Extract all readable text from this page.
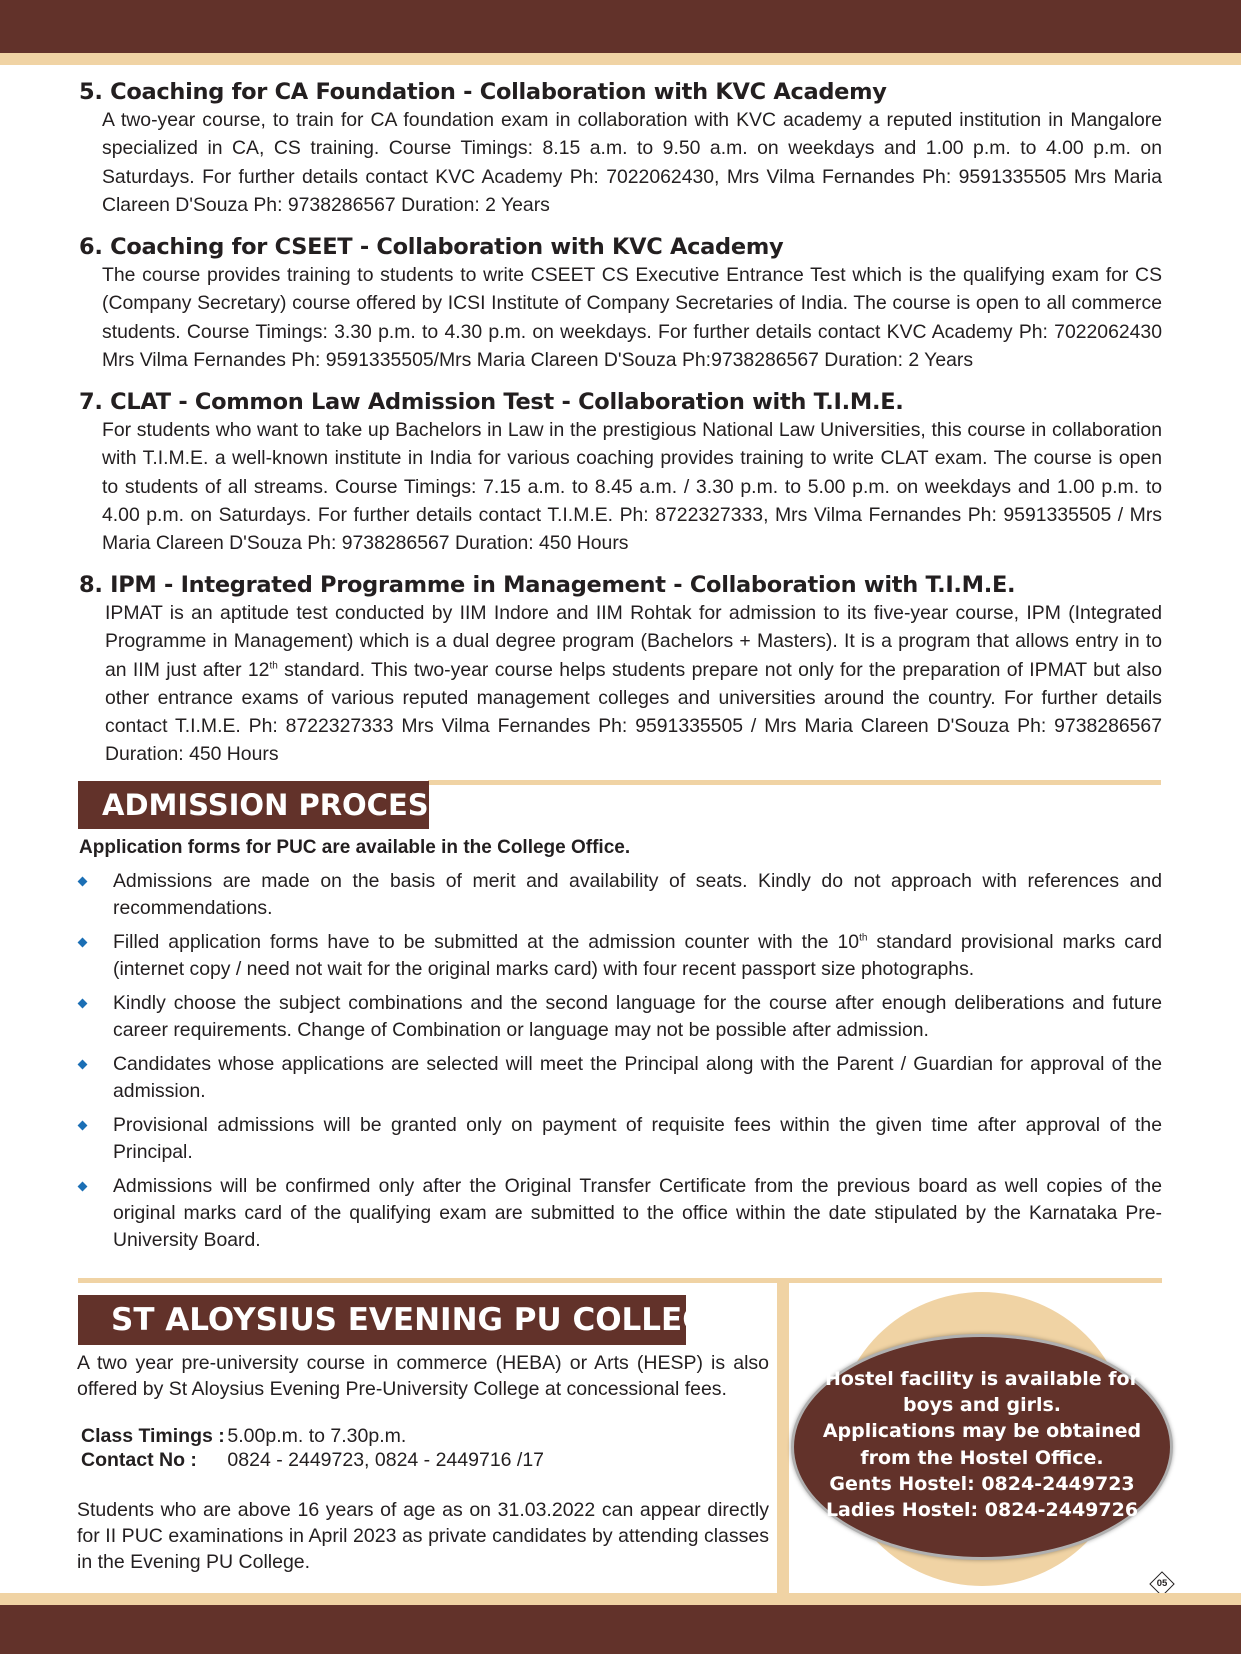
5. Coaching for CA Foundation - Collaboration with KVC Academy

A two-year course, to train for CA foundation exam in collaboration with KVC academy a reputed institution in Mangalore specialized in CA, CS training. Course Timings: 8.15 a.m. to 9.50 a.m. on weekdays and 1.00 p.m. to 4.00 p.m. on Saturdays. For further details contact KVC Academy Ph: 7022062430, Mrs Vilma Fernandes Ph: 9591335505 Mrs Maria Clareen D'Souza Ph: 9738286567 Duration: 2 Years

6. Coaching for CSEET - Collaboration with KVC Academy

The course provides training to students to write CSEET CS Executive Entrance Test which is the qualifying exam for CS (Company Secretary) course offered by ICSI Institute of Company Secretaries of India. The course is open to all commerce students. Course Timings: 3.30 p.m. to 4.30 p.m. on weekdays. For further details contact KVC Academy Ph: 7022062430 Mrs Vilma Fernandes Ph: 9591335505/Mrs Maria Clareen D'Souza Ph:9738286567 Duration: 2 Years

7. CLAT - Common Law Admission Test - Collaboration with T.I.M.E.

For students who want to take up Bachelors in Law in the prestigious National Law Universities, this course in collaboration with T.I.M.E. a well-known institute in India for various coaching provides training to write CLAT exam. The course is open to students of all streams. Course Timings: 7.15 a.m. to 8.45 a.m. / 3.30 p.m. to 5.00 p.m. on weekdays and 1.00 p.m. to 4.00 p.m. on Saturdays. For further details contact T.I.M.E. Ph: 8722327333, Mrs Vilma Fernandes Ph: 9591335505 / Mrs Maria Clareen D'Souza Ph: 9738286567 Duration: 450 Hours

8. IPM - Integrated Programme in Management - Collaboration with T.I.M.E.

IPMAT is an aptitude test conducted by IIM Indore and IIM Rohtak for admission to its five-year course, IPM (Integrated Programme in Management) which is a dual degree program (Bachelors + Masters). It is a program that allows entry in to an IIM just after 12th standard. This two-year course helps students prepare not only for the preparation of IPMAT but also other entrance exams of various reputed management colleges and universities around the country. For further details contact T.I.M.E. Ph: 8722327333 Mrs Vilma Fernandes Ph: 9591335505 / Mrs Maria Clareen D'Souza Ph: 9738286567 Duration: 450 Hours

ADMISSION PROCESS
Application forms for PUC are available in the College Office.
Admissions are made on the basis of merit and availability of seats. Kindly do not approach with references and recommendations.
Filled application forms have to be submitted at the admission counter with the 10th standard provisional marks card (internet copy / need not wait for the original marks card) with four recent passport size photographs.
Kindly choose the subject combinations and the second language for the course after enough deliberations and future career requirements. Change of Combination or language may not be possible after admission.
Candidates whose applications are selected will meet the Principal along with the Parent / Guardian for approval of the admission.
Provisional admissions will be granted only on payment of requisite fees within the given time after approval of the Principal.
Admissions will be confirmed only after the Original Transfer Certificate from the previous board as well copies of the original marks card of the qualifying exam are submitted to the office within the date stipulated by the Karnataka Pre-University Board.
ST ALOYSIUS EVENING PU COLLEGE

A two year pre-university course in commerce (HEBA) or Arts (HESP) is also offered by St Aloysius Evening Pre-University College at concessional fees.

Class Timings : 5.00p.m. to 7.30p.m.
Contact No : 0824 - 2449723, 0824 - 2449716 /17

Students who are above 16 years of age as on 31.03.2022 can appear directly for II PUC examinations in April 2023 as private candidates by attending classes in the Evening PU College.

Hostel facility is available for
boys and girls.
Applications may be obtained
from the Hostel Office.
Gents Hostel: 0824-2449723
Ladies Hostel: 0824-2449726
05
